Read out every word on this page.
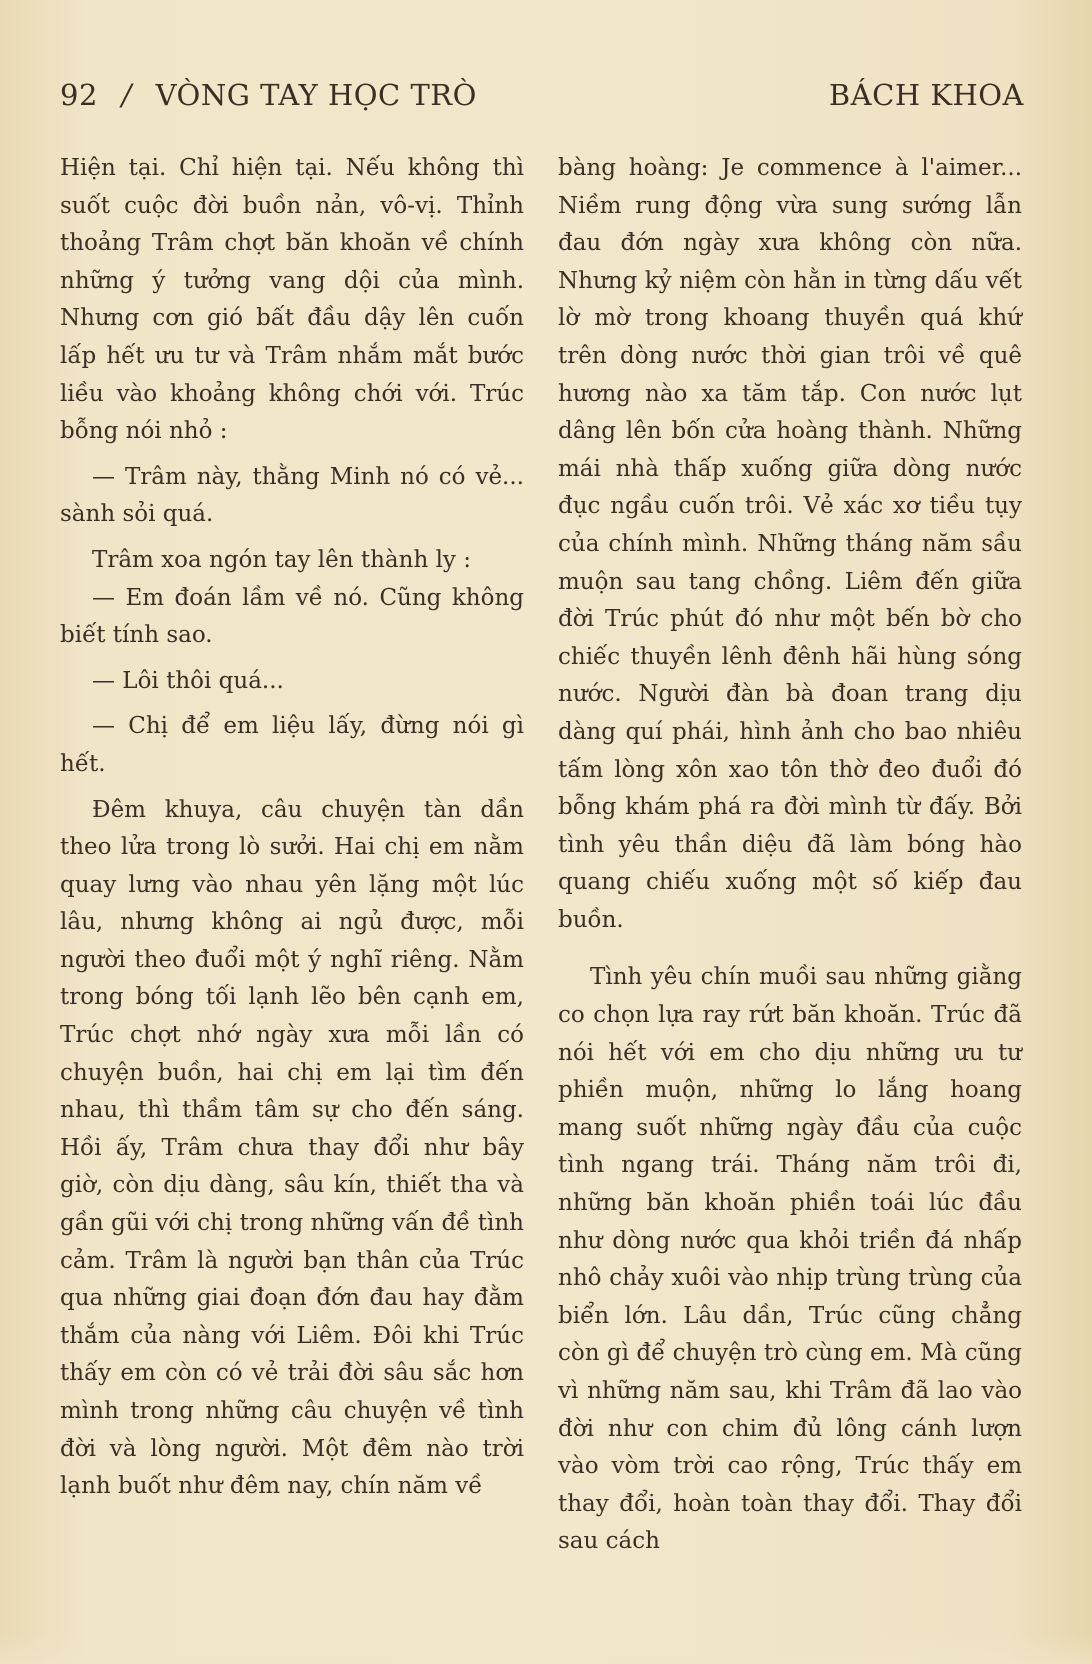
92 / VÒNG TAY HỌC TRÒ	BÁCH KHOA

Hiện tại. Chỉ hiện tại. Nếu không thì suốt cuộc đời buồn nản, vô-vị. Thỉnh thoảng Trâm chợt băn khoăn về chính những ý tưởng vang dội của mình. Nhưng cơn gió bất đầu dậy lên cuốn lấp hết ưu tư và Trâm nhắm mắt bước liều vào khoảng không chới với. Trúc bỗng nói nhỏ :

— Trâm này, thằng Minh nó có vẻ... sành sỏi quá.

Trâm xoa ngón tay lên thành ly :

— Em đoán lầm về nó. Cũng không biết tính sao.

— Lôi thôi quá...

— Chị để em liệu lấy, đừng nói gì hết.

Đêm khuya, câu chuyện tàn dần theo lửa trong lò sưởi. Hai chị em nằm quay lưng vào nhau yên lặng một lúc lâu, nhưng không ai ngủ được, mỗi người theo đuổi một ý nghĩ riêng. Nằm trong bóng tối lạnh lẽo bên cạnh em, Trúc chợt nhớ ngày xưa mỗi lần có chuyện buồn, hai chị em lại tìm đến nhau, thì thầm tâm sự cho đến sáng. Hồi ấy, Trâm chưa thay đổi như bây giờ, còn dịu dàng, sâu kín, thiết tha và gần gũi với chị trong những vấn đề tình cảm. Trâm là người bạn thân của Trúc qua những giai đoạn đớn đau hay đằm thắm của nàng với Liêm. Đôi khi Trúc thấy em còn có vẻ trải đời sâu sắc hơn mình trong những câu chuyện về tình đời và lòng người. Một đêm nào trời lạnh buốt như đêm nay, chín năm về

bàng hoàng: Je commence à l'aimer... Niềm rung động vừa sung sướng lẫn đau đớn ngày xưa không còn nữa. Nhưng kỷ niệm còn hằn in từng dấu vết lờ mờ trong khoang thuyền quá khứ trên dòng nước thời gian trôi về quê hương nào xa tăm tắp. Con nước lụt dâng lên bốn cửa hoàng thành. Những mái nhà thấp xuống giữa dòng nước đục ngầu cuốn trôi. Vẻ xác xơ tiều tụy của chính mình. Những tháng năm sầu muộn sau tang chồng. Liêm đến giữa đời Trúc phút đó như một bến bờ cho chiếc thuyền lênh đênh hãi hùng sóng nước. Người đàn bà đoan trang dịu dàng quí phái, hình ảnh cho bao nhiêu tấm lòng xôn xao tôn thờ đeo đuổi đó bỗng khám phá ra đời mình từ đấy. Bởi tình yêu thần diệu đã làm bóng hào quang chiếu xuống một số kiếp đau buồn.

Tình yêu chín muồi sau những giằng co chọn lựa ray rứt băn khoăn. Trúc đã nói hết với em cho dịu những ưu tư phiền muộn, những lo lắng hoang mang suốt những ngày đầu của cuộc tình ngang trái. Tháng năm trôi đi, những băn khoăn phiền toái lúc đầu như dòng nước qua khỏi triền đá nhấp nhô chảy xuôi vào nhịp trùng trùng của biển lớn. Lâu dần, Trúc cũng chẳng còn gì để chuyện trò cùng em. Mà cũng vì những năm sau, khi Trâm đã lao vào đời như con chim đủ lông cánh lượn vào vòm trời cao rộng, Trúc thấy em thay đổi, hoàn toàn thay đổi. Thay đổi sau cách
